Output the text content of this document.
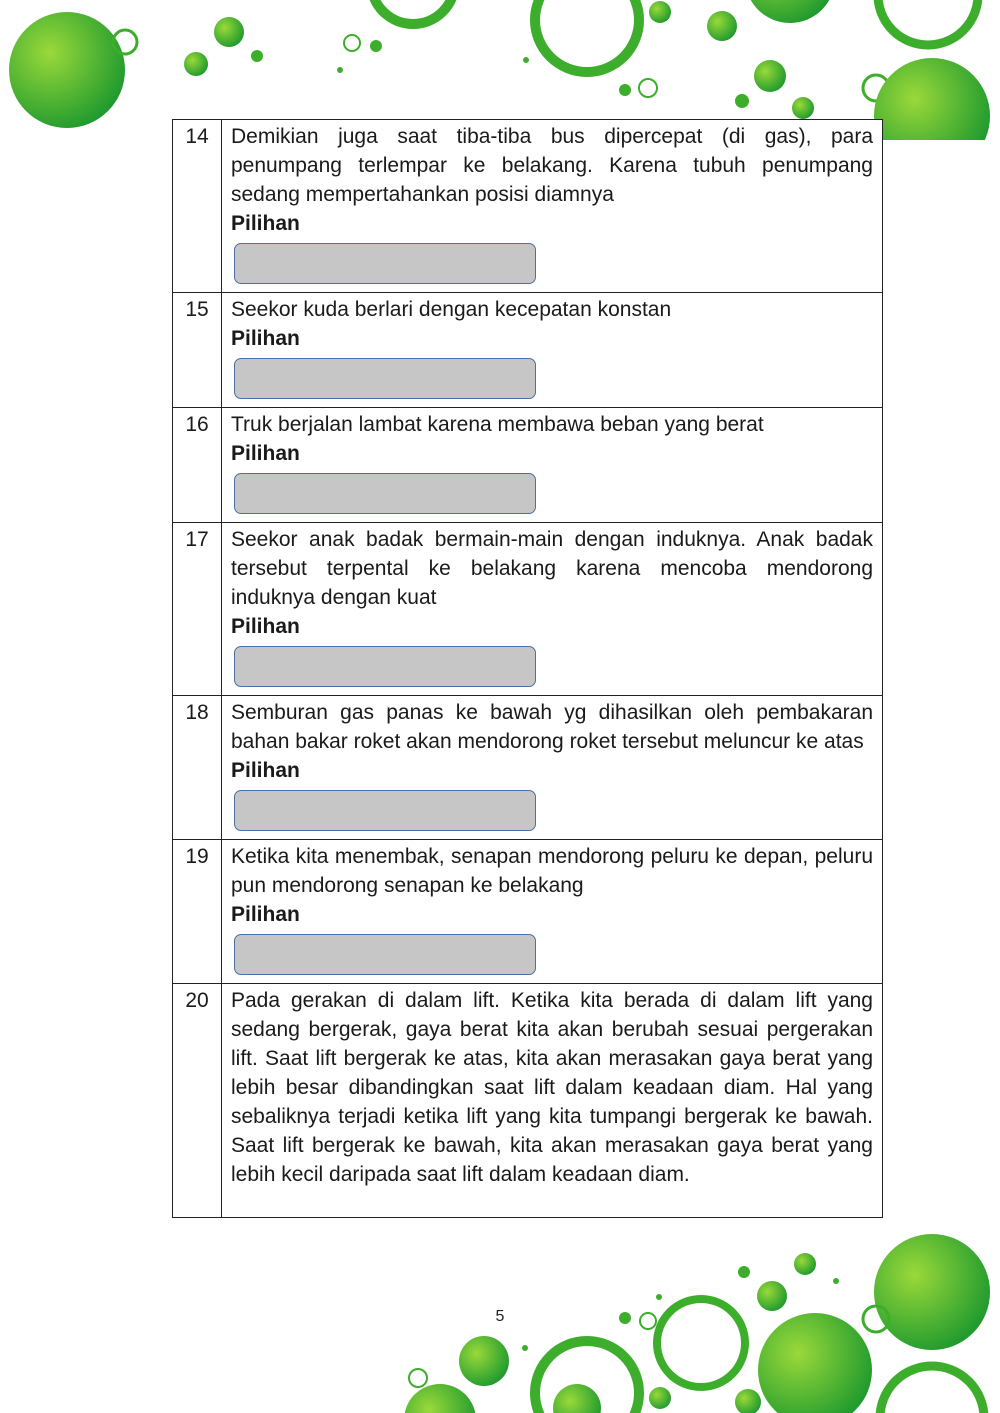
14	Demikian juga saat tiba-tiba bus dipercepat (di gas), para penumpang terlempar ke belakang. Karena tubuh penumpang sedang mempertahankan posisi diamnya
Pilihan

15	Seekor kuda berlari dengan kecepatan konstan
Pilihan

16	Truk berjalan lambat karena membawa beban yang berat
Pilihan

17	Seekor anak badak bermain-main dengan induknya. Anak badak tersebut terpental ke belakang karena mencoba mendorong induknya dengan kuat
Pilihan

18	Semburan gas panas ke bawah yg dihasilkan oleh pembakaran bahan bakar roket akan mendorong roket tersebut meluncur ke atas
Pilihan

19	Ketika kita menembak, senapan mendorong peluru ke depan, peluru pun mendorong senapan ke belakang
Pilihan

20	Pada gerakan di dalam lift. Ketika kita berada di dalam lift yang sedang bergerak, gaya berat kita akan berubah sesuai pergerakan lift. Saat lift bergerak ke atas, kita akan merasakan gaya berat yang lebih besar dibandingkan saat lift dalam keadaan diam. Hal yang sebaliknya terjadi ketika lift yang kita tumpangi bergerak ke bawah. Saat lift bergerak ke bawah, kita akan merasakan gaya berat yang lebih kecil daripada saat lift dalam keadaan diam.
5
